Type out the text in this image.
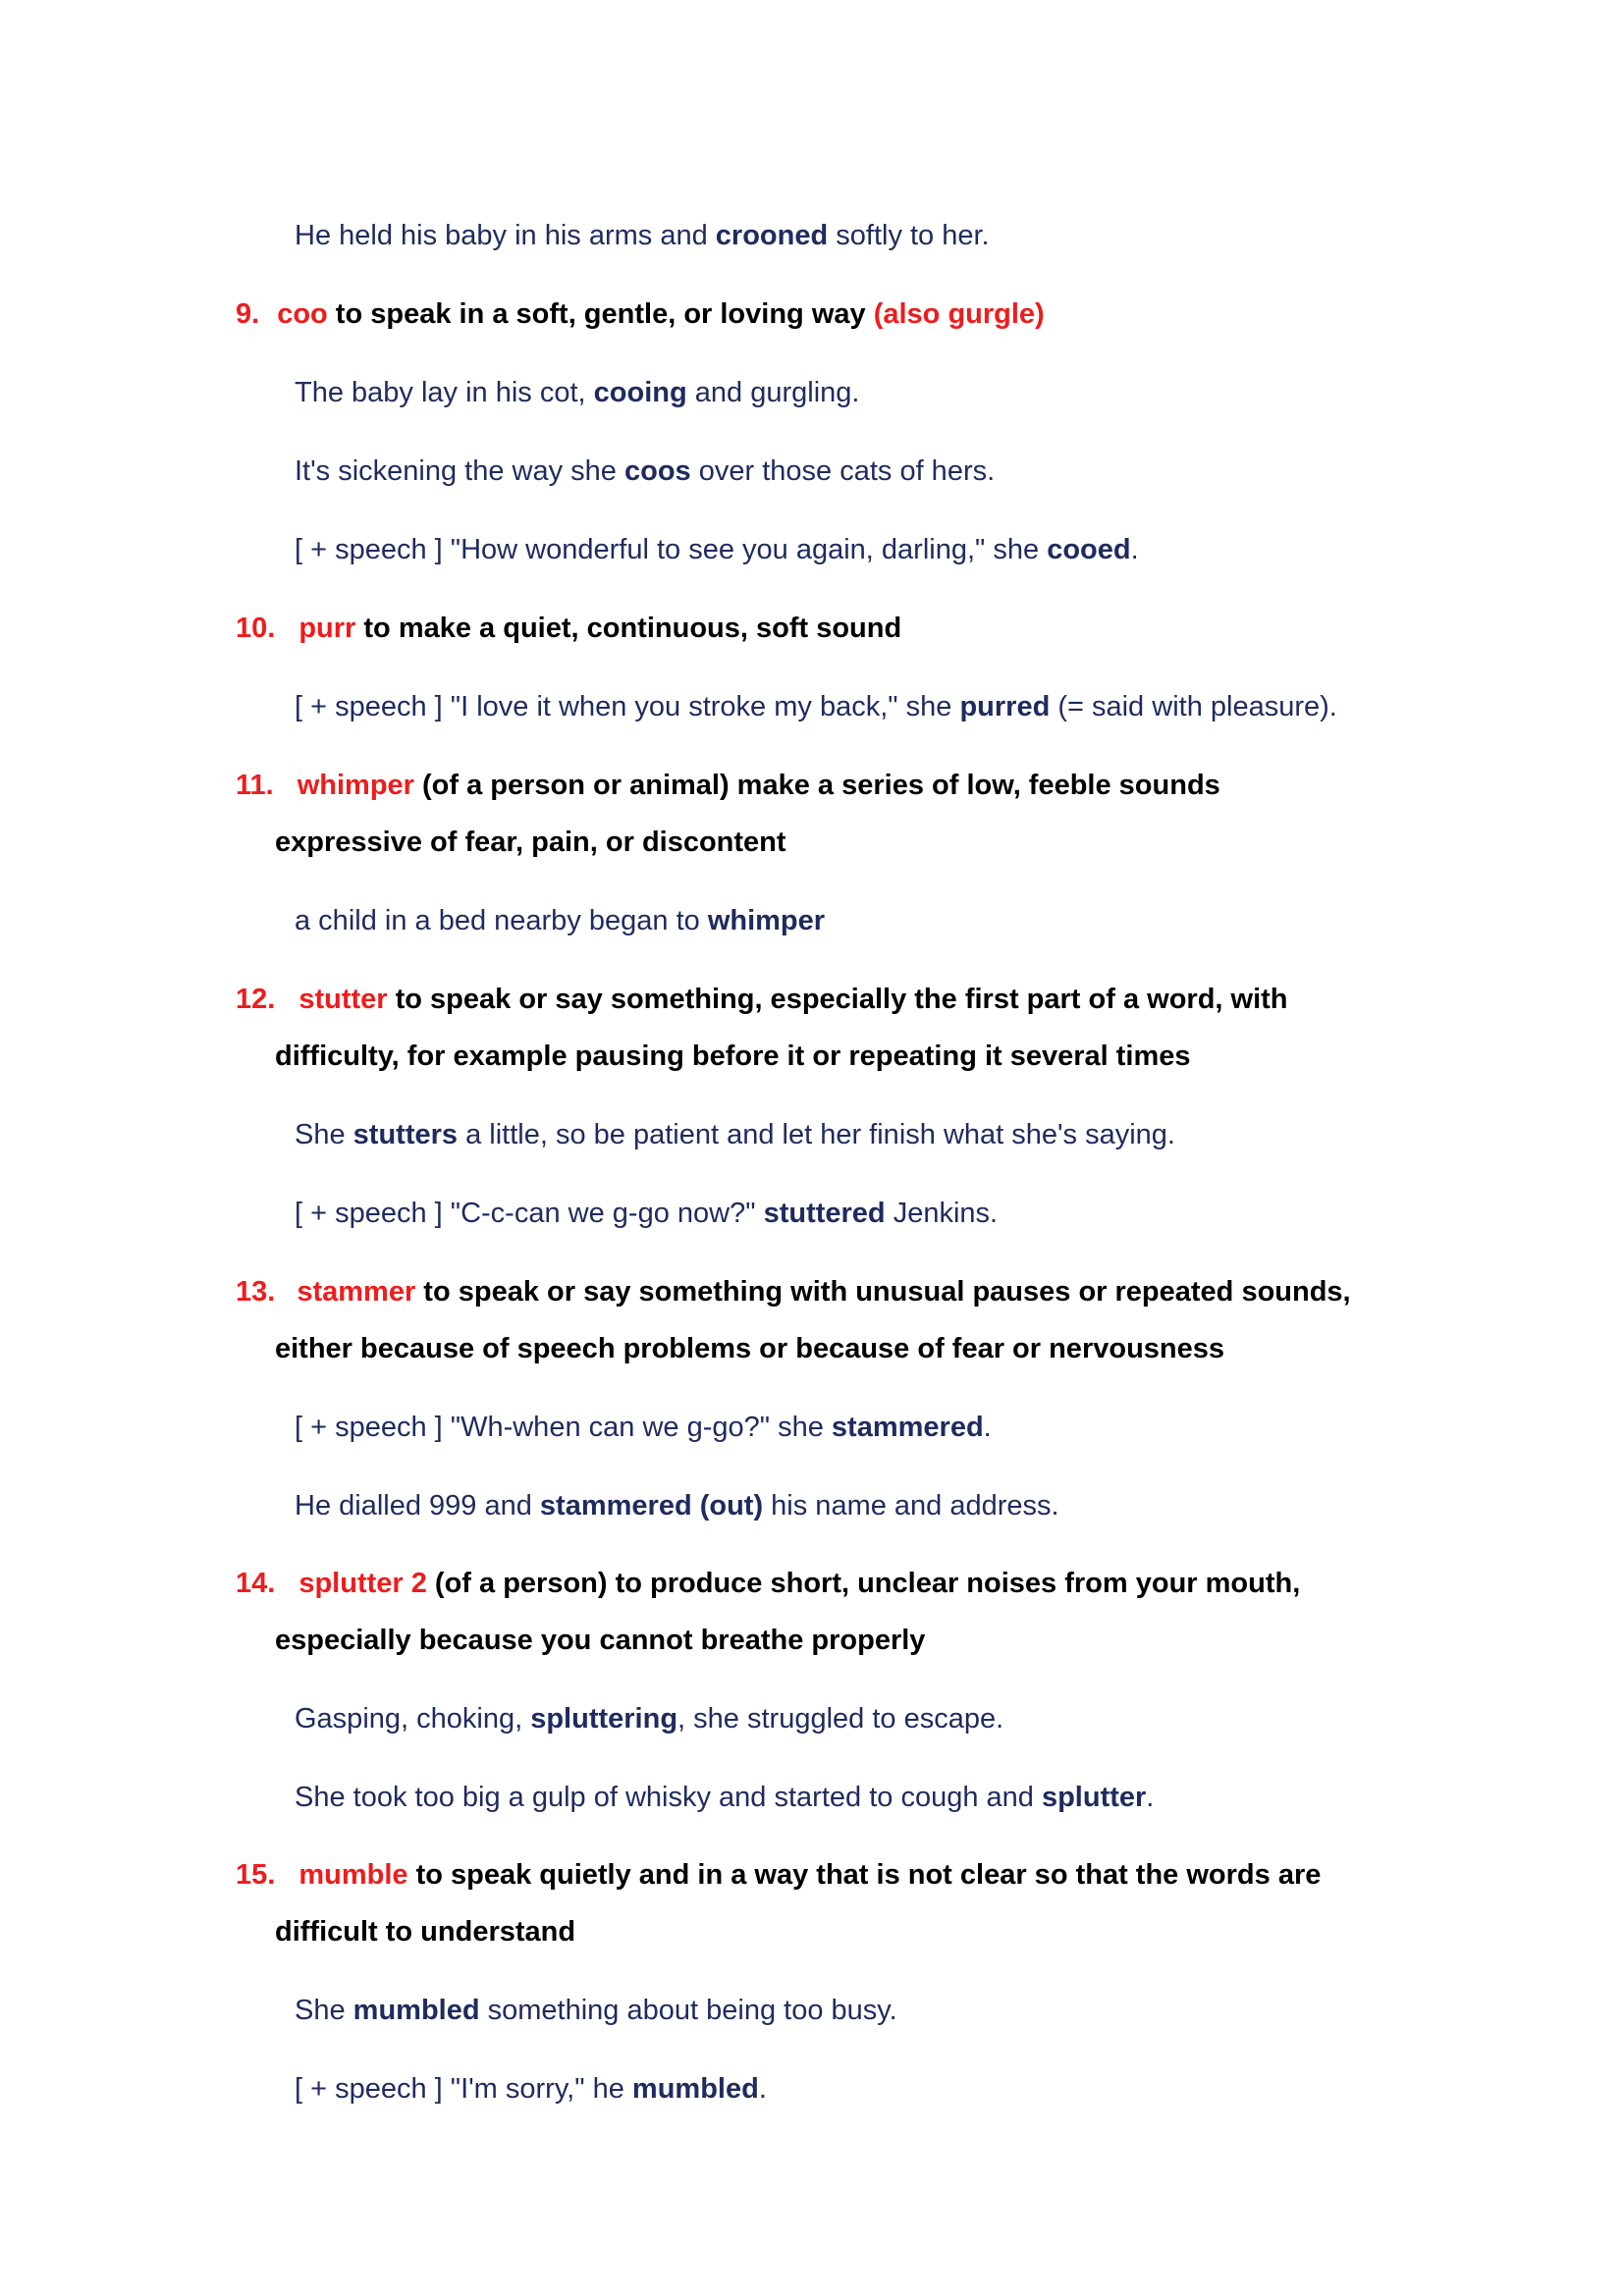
He held his baby in his arms and crooned softly to her.
9. coo to speak in a soft, gentle, or loving way (also gurgle)
The baby lay in his cot, cooing and gurgling.
It's sickening the way she coos over those cats of hers.
[ + speech ] "How wonderful to see you again, darling," she cooed.
10. purr to make a quiet, continuous, soft sound
[ + speech ] "I love it when you stroke my back," she purred (= said with pleasure).
11. whimper (of a person or animal) make a series of low, feeble sounds
expressive of fear, pain, or discontent
a child in a bed nearby began to whimper
12. stutter to speak or say something, especially the first part of a word, with
difficulty, for example pausing before it or repeating it several times
She stutters a little, so be patient and let her finish what she's saying.
[ + speech ] "C-c-can we g-go now?" stuttered Jenkins.
13. stammer to speak or say something with unusual pauses or repeated sounds,
either because of speech problems or because of fear or nervousness
[ + speech ] "Wh-when can we g-go?" she stammered.
He dialled 999 and stammered (out) his name and address.
14. splutter 2 (of a person) to produce short, unclear noises from your mouth,
especially because you cannot breathe properly
Gasping, choking, spluttering, she struggled to escape.
She took too big a gulp of whisky and started to cough and splutter.
15. mumble to speak quietly and in a way that is not clear so that the words are
difficult to understand
She mumbled something about being too busy.
[ + speech ] "I'm sorry," he mumbled.
